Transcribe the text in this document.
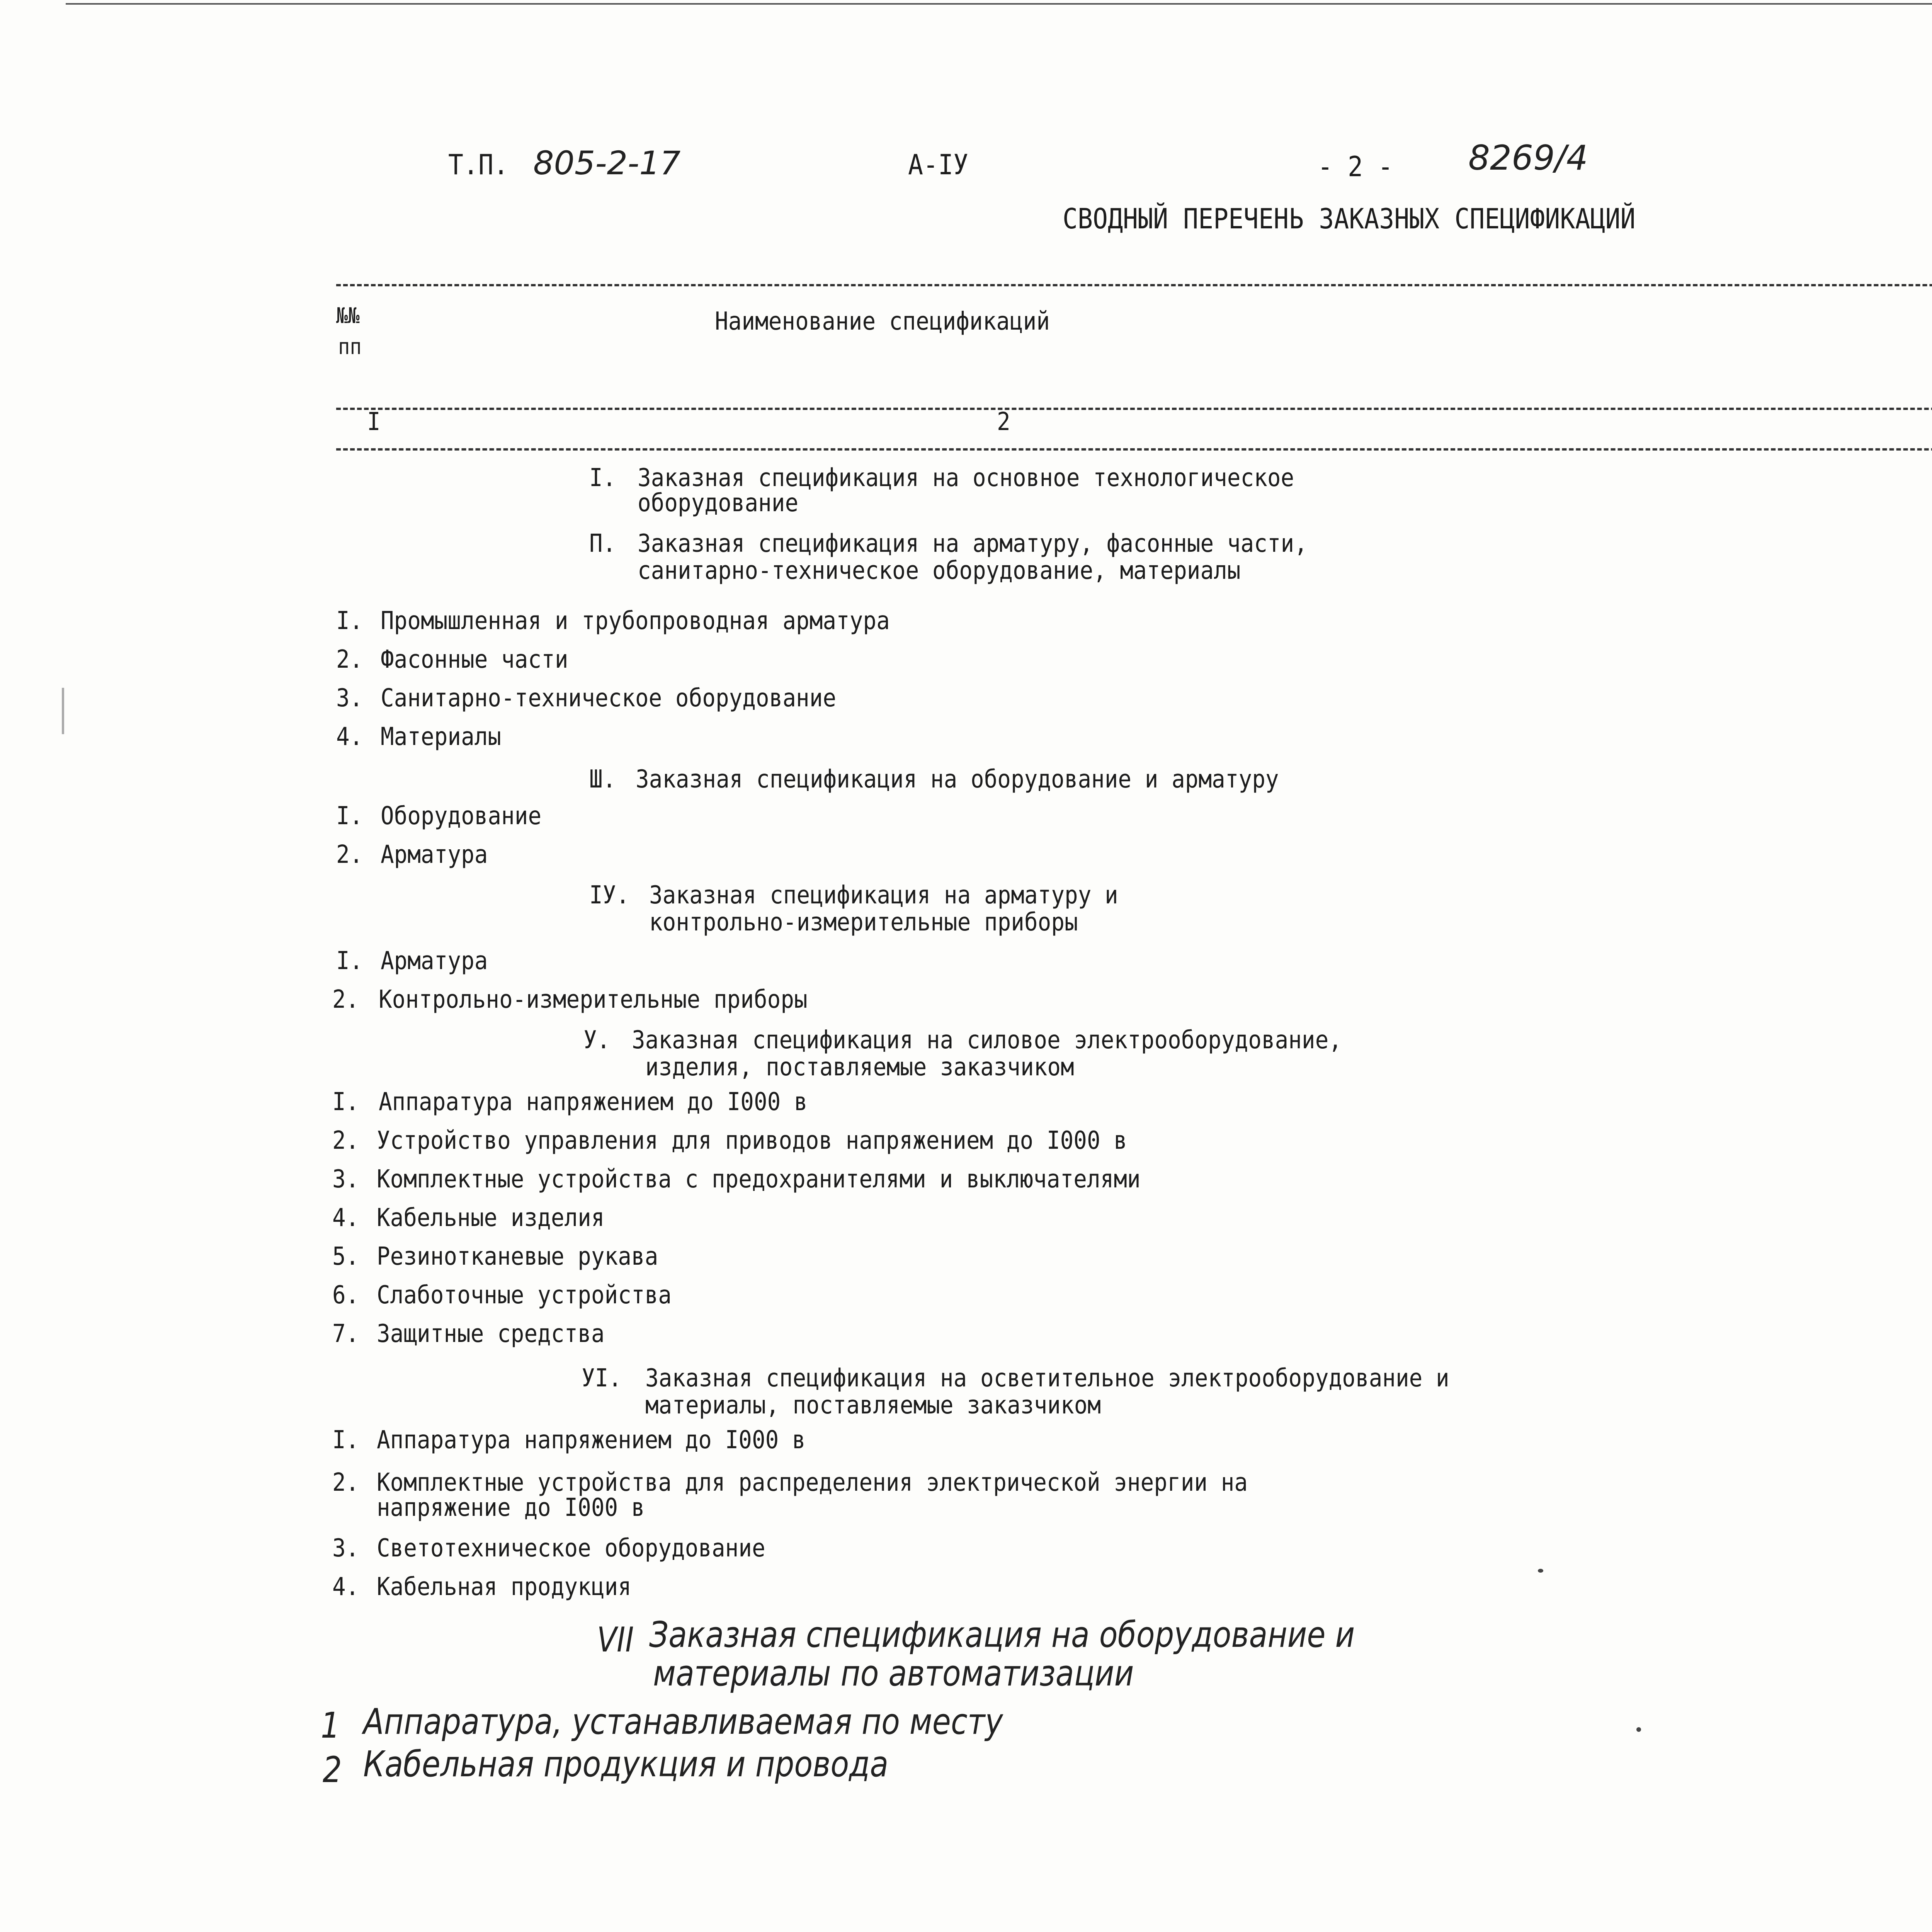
Т.П. 805-2-17	А-IУ	- 2 - 8269/4
СВОДНЫЙ ПЕРЕЧЕНЬ ЗАКАЗНЫХ СПЕЦИФИКАЦИЙ
№№
пп
Наименование спецификаций
I	2
I. Заказная спецификация на основное технологическое
оборудование
П. Заказная спецификация на арматуру, фасонные части,
санитарно-техническое оборудование, материалы
I. Промышленная и трубопроводная арматура
2. Фасонные части
3. Санитарно-техническое оборудование
4. Материалы
Ш. Заказная спецификация на оборудование и арматуру
I. Оборудование
2. Арматура
IУ. Заказная спецификация на арматуру и
контрольно-измерительные приборы
I. Арматура
2. Контрольно-измерительные приборы
У. Заказная спецификация на силовое электрооборудование,
изделия, поставляемые заказчиком
I. Аппаратура напряжением до I000 в
2. Устройство управления для приводов напряжением до I000 в
3. Комплектные устройства с предохранителями и выключателями
4. Кабельные изделия
5. Резинотканевые рукава
6. Слаботочные устройства
7. Защитные средства
УI. Заказная спецификация на осветительное электрооборудование и
материалы, поставляемые заказчиком
I. Аппаратура напряжением до I000 в
2. Комплектные устройства для распределения электрической энергии на
напряжение до I000 в
3. Светотехническое оборудование
4. Кабельная продукция
VII Заказная спецификация на оборудование и
материалы по автоматизации
1 Аппаратура, устанавливаемая по месту
2 Кабельная продукция и провода
